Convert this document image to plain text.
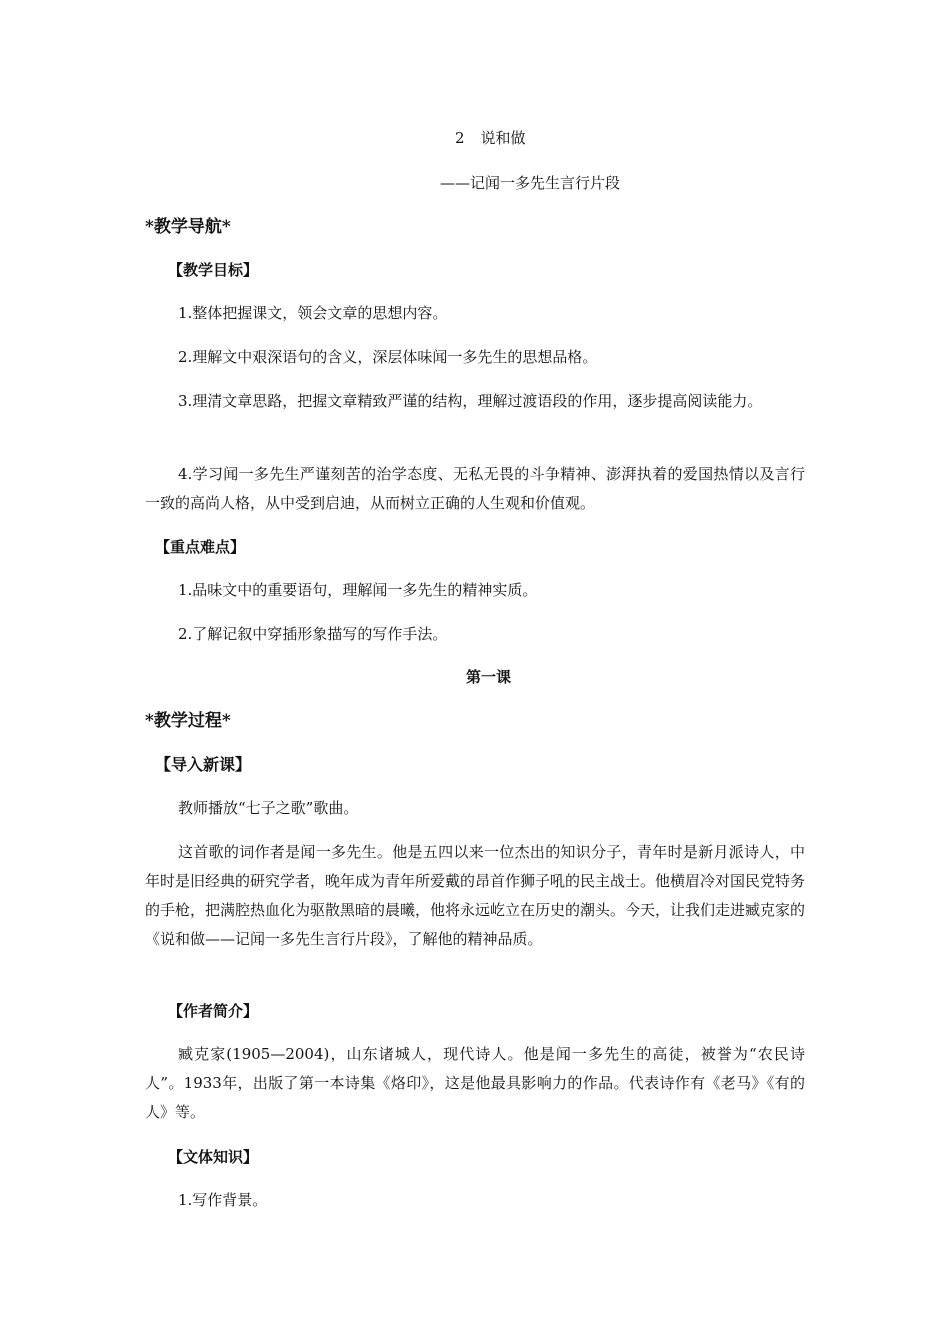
2 说和做
——记闻一多先生言行片段
*教学导航*
【教学目标】

1.整体把握课文，领会文章的思想内容。

2.理解文中艰深语句的含义，深层体味闻一多先生的思想品格。

3.理清文章思路，把握文章精致严谨的结构，理解过渡语段的作用，逐步提高阅读能力。

4.学习闻一多先生严谨刻苦的治学态度、无私无畏的斗争精神、澎湃执着的爱国热情以及言行一致的高尚人格，从中受到启迪，从而树立正确的人生观和价值观。

【重点难点】

1.品味文中的重要语句，理解闻一多先生的精神实质。

2.了解记叙中穿插形象描写的写作手法。

第一课
*教学过程*
【导入新课】

教师播放“七子之歌”歌曲。

这首歌的词作者是闻一多先生。他是五四以来一位杰出的知识分子，青年时是新月派诗人，中年时是旧经典的研究学者，晚年成为青年所爱戴的昂首作狮子吼的民主战士。他横眉冷对国民党特务的手枪，把满腔热血化为驱散黑暗的晨曦，他将永远屹立在历史的潮头。今天，让我们走进臧克家的《说和做——记闻一多先生言行片段》，了解他的精神品质。

【作者简介】

臧克家(1905—2004)，山东诸城人，现代诗人。他是闻一多先生的高徒，被誉为“农民诗人”。1933年，出版了第一本诗集《烙印》，这是他最具影响力的作品。代表诗作有《老马》《有的人》等。

【文体知识】

1.写作背景。
